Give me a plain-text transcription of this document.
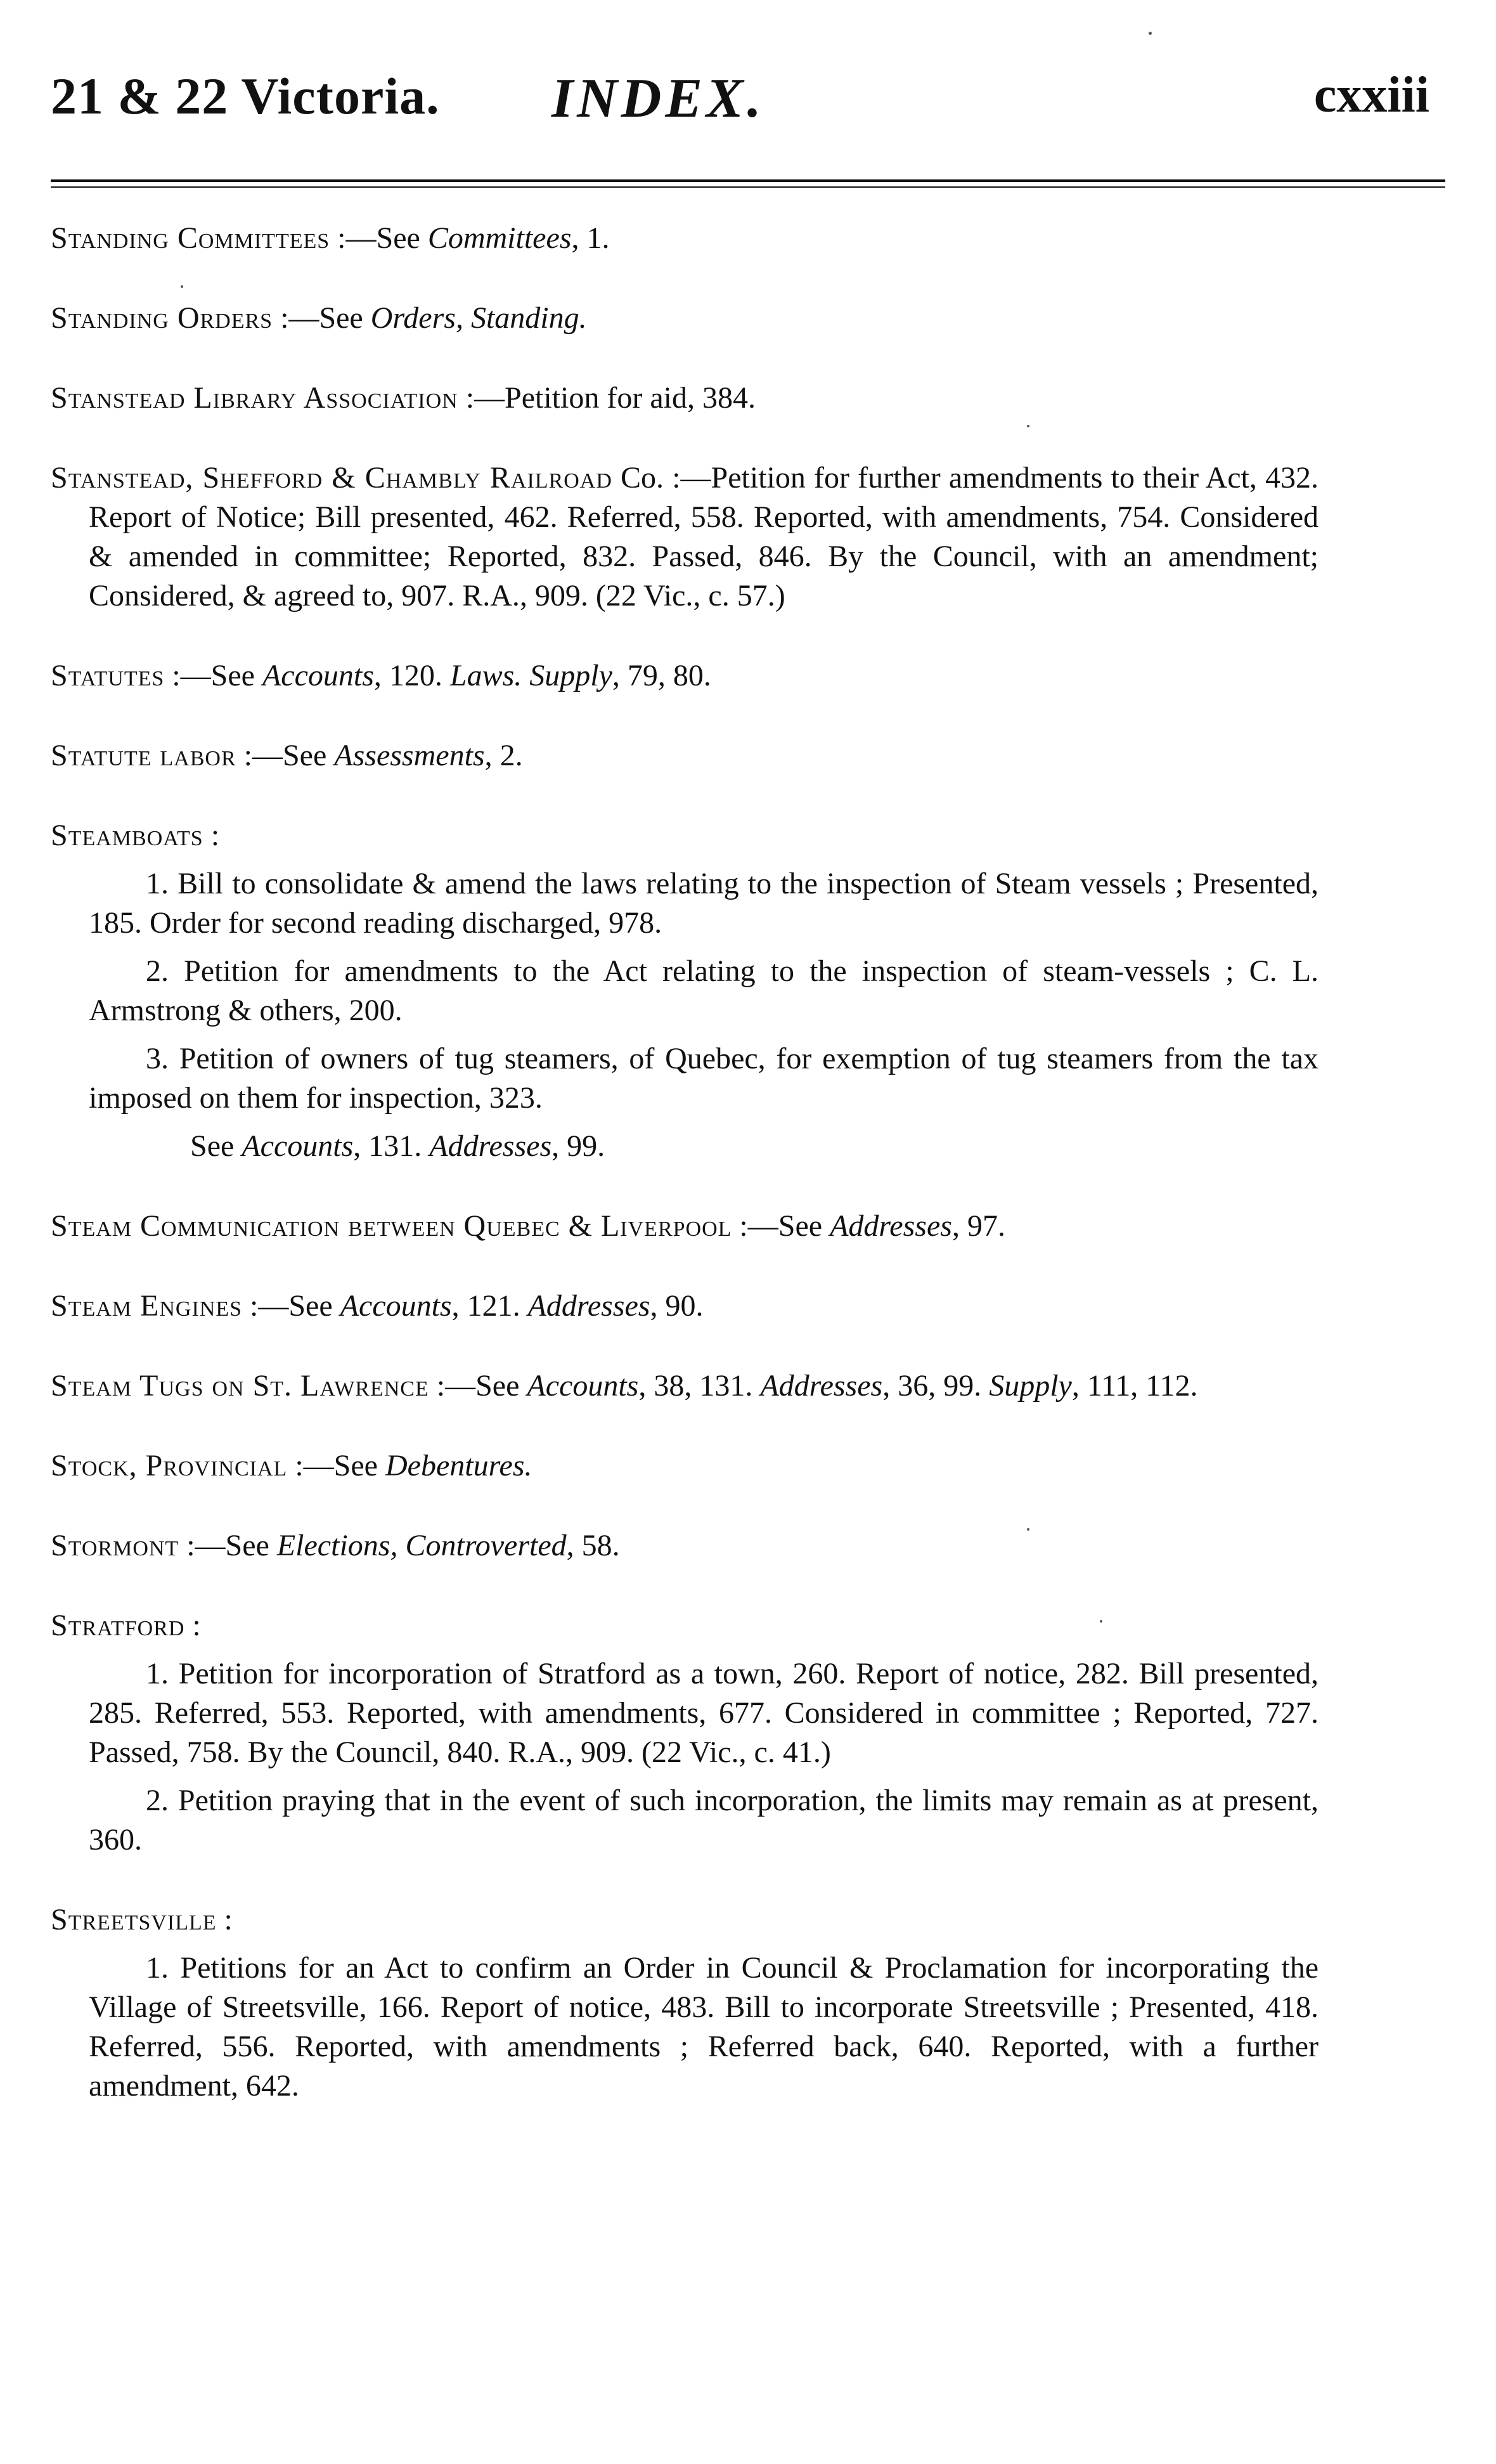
21 & 22 Victoria. INDEX.	cxxiii

Standing Committees :—See Committees, 1.

Standing Orders :—See Orders, Standing.

Stanstead Library Association :—Petition for aid, 384.

Stanstead, Shefford & Chambly Railroad Co. :—Petition for further amendments to their Act, 432. Report of Notice; Bill presented, 462. Referred, 558. Reported, with amendments, 754. Considered & amended in committee; Reported, 832. Passed, 846. By the Council, with an amendment; Considered, & agreed to, 907. R.A., 909. (22 Vic., c. 57.)

Statutes :—See Accounts, 120. Laws. Supply, 79, 80.

Statute labor :—See Assessments, 2.

Steamboats :

1. Bill to consolidate & amend the laws relating to the inspection of Steam vessels ; Presented, 185. Order for second reading discharged, 978.

2. Petition for amendments to the Act relating to the inspection of steam-vessels ; C. L. Armstrong & others, 200.

3. Petition of owners of tug steamers, of Quebec, for exemption of tug steamers from the tax imposed on them for inspection, 323.

See Accounts, 131. Addresses, 99.

Steam Communication between Quebec & Liverpool :—See Addresses, 97.

Steam Engines :—See Accounts, 121. Addresses, 90.

Steam Tugs on St. Lawrence :—See Accounts, 38, 131. Addresses, 36, 99. Supply, 111, 112.

Stock, Provincial :—See Debentures.

Stormont :—See Elections, Controverted, 58.

Stratford :

1. Petition for incorporation of Stratford as a town, 260. Report of notice, 282. Bill presented, 285. Referred, 553. Reported, with amendments, 677. Considered in committee ; Reported, 727. Passed, 758. By the Council, 840. R.A., 909. (22 Vic., c. 41.)

2. Petition praying that in the event of such incorporation, the limits may remain as at present, 360.

Streetsville :

1. Petitions for an Act to confirm an Order in Council & Proclamation for incorporating the Village of Streetsville, 166. Report of notice, 483. Bill to incorporate Streetsville ; Presented, 418. Referred, 556. Reported, with amendments ; Referred back, 640. Reported, with a further amendment, 642.
